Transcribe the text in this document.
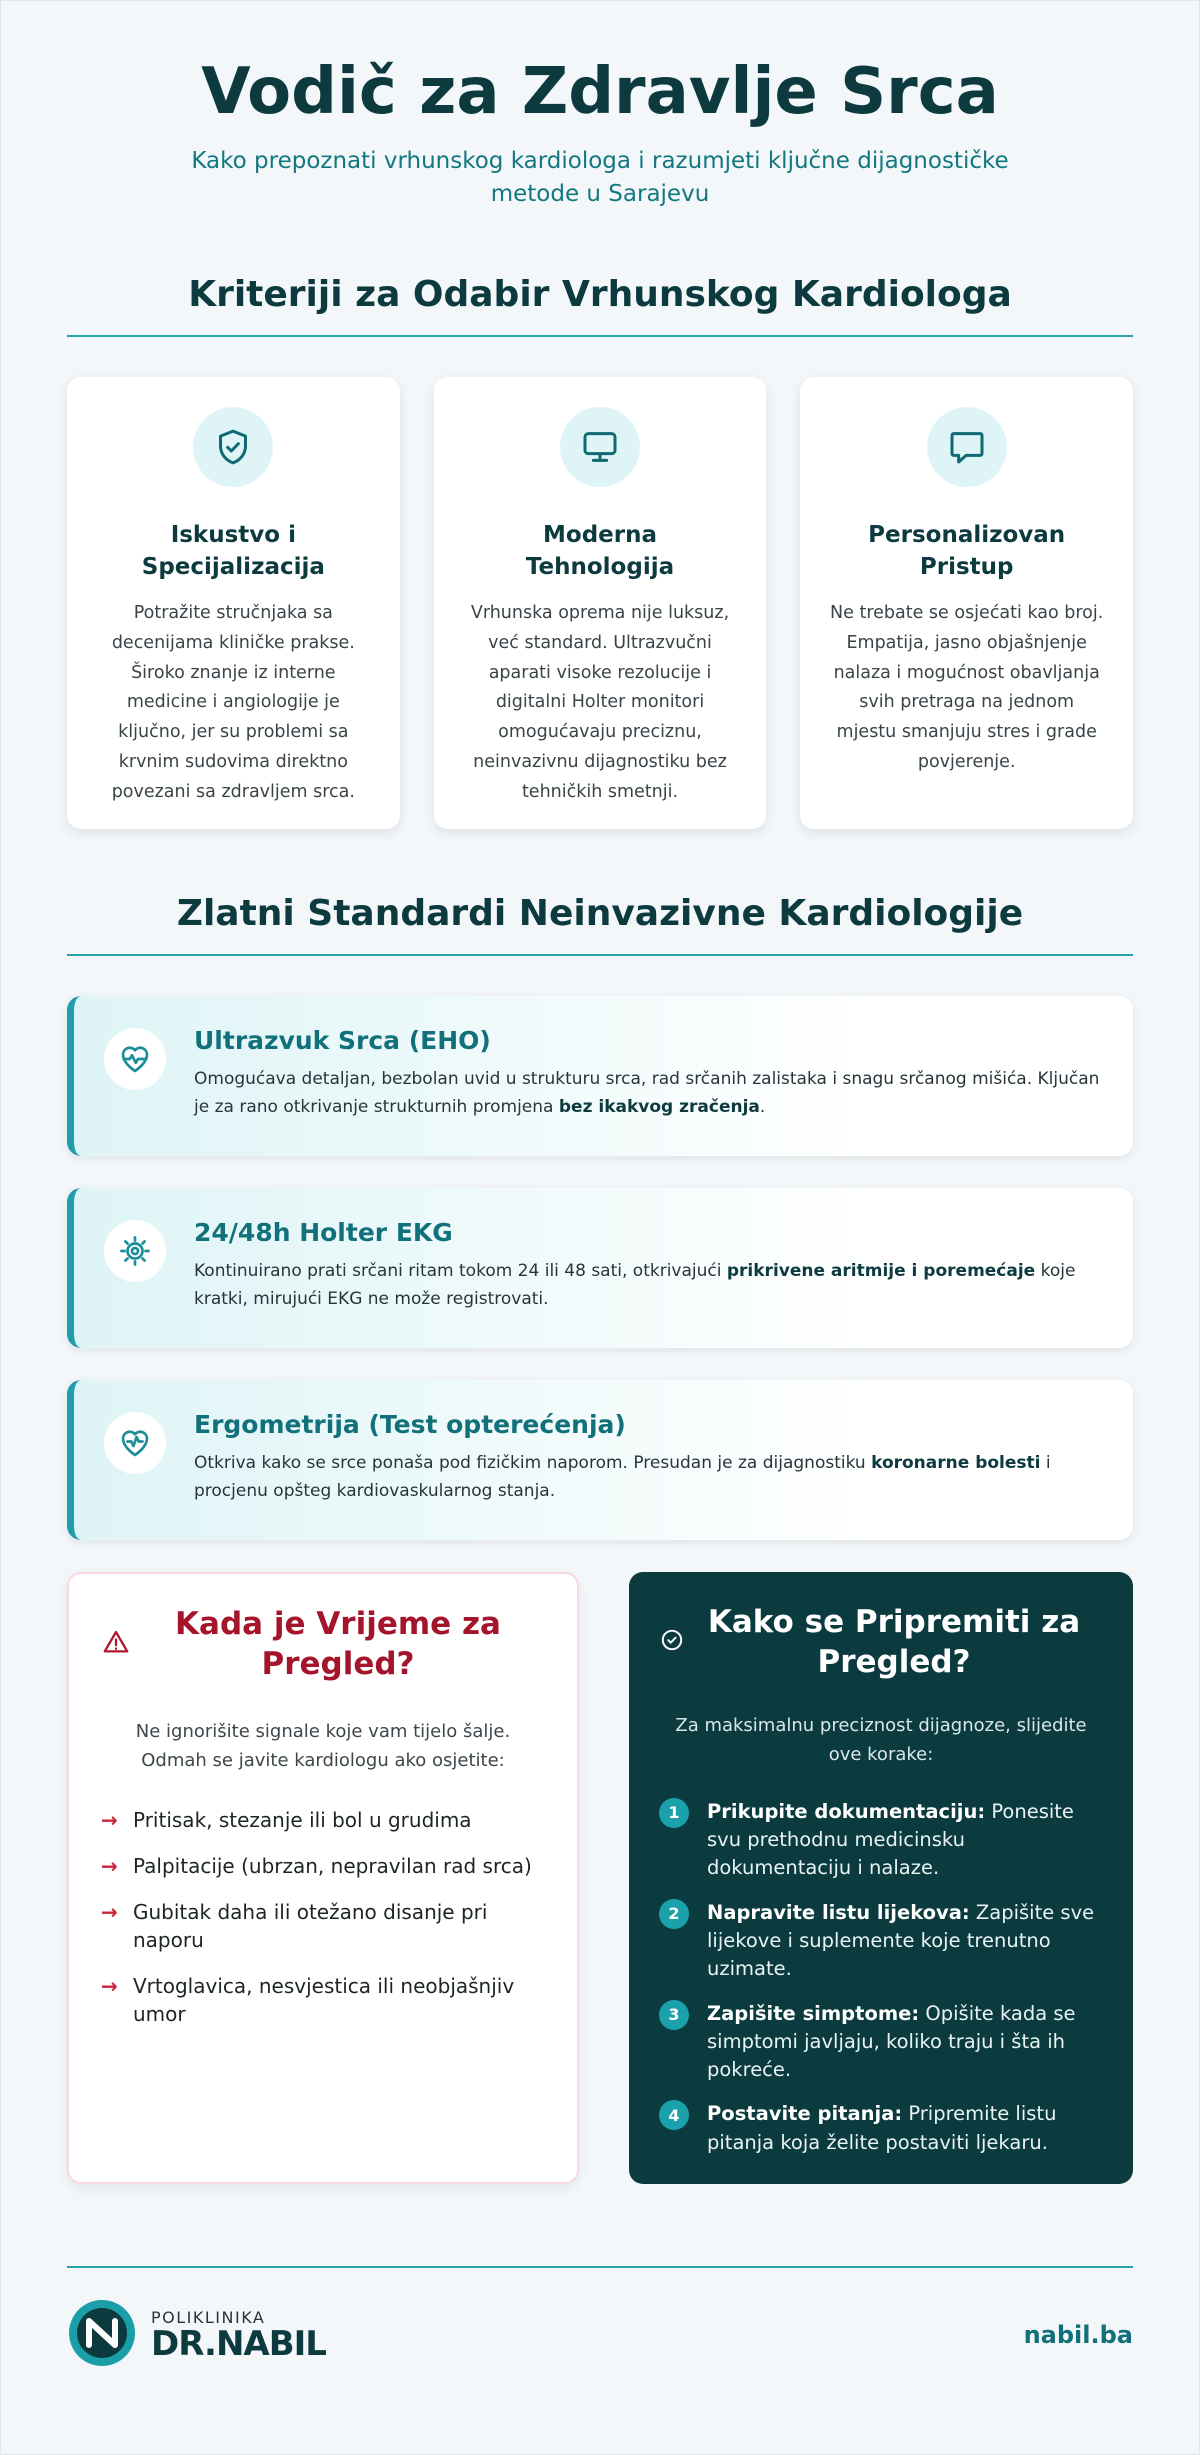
Vodič za Zdravlje Srca

Kako prepoznati vrhunskog kardiologa i razumjeti ključne dijagnostičke metode u Sarajevu

Kriteriji za Odabir Vrhunskog Kardiologa
Iskustvo i
Specijalizacija

Potražite stručnjaka sa decenijama kliničke prakse. Široko znanje iz interne medicine i angiologije je ključno, jer su problemi sa krvnim sudovima direktno povezani sa zdravljem srca.

Moderna
Tehnologija

Vrhunska oprema nije luksuz, već standard. Ultrazvučni aparati visoke rezolucije i digitalni Holter monitori omogućavaju preciznu, neinvazivnu dijagnostiku bez tehničkih smetnji.

Personalizovan
Pristup

Ne trebate se osjećati kao broj. Empatija, jasno objašnjenje nalaza i mogućnost obavljanja svih pretraga na jednom mjestu smanjuju stres i grade povjerenje.

Zlatni Standardi Neinvazivne Kardiologije
Ultrazvuk Srca (EHO)

Omogućava detaljan, bezbolan uvid u strukturu srca, rad srčanih zalistaka i snagu srčanog mišića. Ključan je za rano otkrivanje strukturnih promjena bez ikakvog zračenja.

24/48h Holter EKG

Kontinuirano prati srčani ritam tokom 24 ili 48 sati, otkrivajući prikrivene aritmije i poremećaje koje kratki, mirujući EKG ne može registrovati.

Ergometrija (Test opterećenja)

Otkriva kako se srce ponaša pod fizičkim naporom. Presudan je za dijagnostiku koronarne bolesti i procjenu opšteg kardiovaskularnog stanja.

Kada je Vrijeme za Pregled?

Ne ignorišite signale koje vam tijelo šalje. Odmah se javite kardiologu ako osjetite:

→ Pritisak, stezanje ili bol u grudima
→ Palpitacije (ubrzan, nepravilan rad srca)
→ Gubitak daha ili otežano disanje pri naporu
→ Vrtoglavica, nesvjestica ili neobjašnjiv umor
Kako se Pripremiti za Pregled?

Za maksimalnu preciznost dijagnoze, slijedite ove korake:

1	Prikupite dokumentaciju: Ponesite svu prethodnu medicinsku dokumentaciju i nalaze.
2	Napravite listu lijekova: Zapišite sve lijekove i suplemente koje trenutno uzimate.
3	Zapišite simptome: Opišite kada se simptomi javljaju, koliko traju i šta ih pokreće.
4	Postavite pitanja: Pripremite listu pitanja koja želite postaviti ljekaru.
POLIKLINIKA
DR.NABIL	nabil.ba
